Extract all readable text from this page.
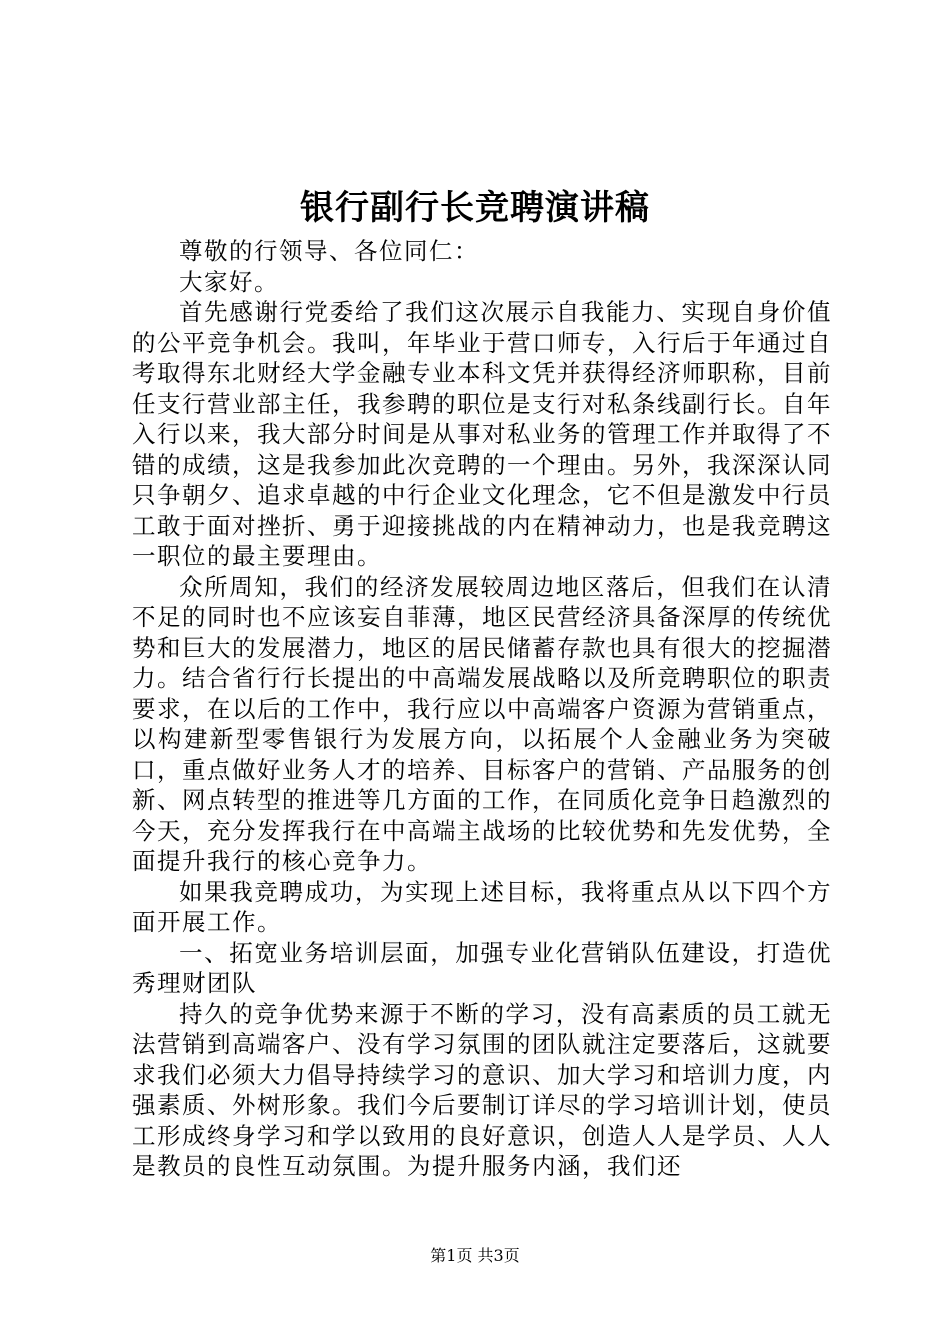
银行副行长竞聘演讲稿

尊敬的行领导、各位同仁：

大家好。

首先感谢行党委给了我们这次展示自我能力、实现自身价值的公平竞争机会。我叫，年毕业于营口师专，入行后于年通过自考取得东北财经大学金融专业本科文凭并获得经济师职称，目前任支行营业部主任，我参聘的职位是支行对私条线副行长。自年入行以来，我大部分时间是从事对私业务的管理工作并取得了不错的成绩，这是我参加此次竞聘的一个理由。另外，我深深认同只争朝夕、追求卓越的中行企业文化理念，它不但是激发中行员工敢于面对挫折、勇于迎接挑战的内在精神动力，也是我竞聘这一职位的最主要理由。

众所周知，我们的经济发展较周边地区落后，但我们在认清不足的同时也不应该妄自菲薄，地区民营经济具备深厚的传统优势和巨大的发展潜力，地区的居民储蓄存款也具有很大的挖掘潜力。结合省行行长提出的中高端发展战略以及所竞聘职位的职责要求，在以后的工作中，我行应以中高端客户资源为营销重点，以构建新型零售银行为发展方向，以拓展个人金融业务为突破口，重点做好业务人才的培养、目标客户的营销、产品服务的创新、网点转型的推进等几方面的工作，在同质化竞争日趋激烈的今天，充分发挥我行在中高端主战场的比较优势和先发优势，全面提升我行的核心竞争力。

如果我竞聘成功，为实现上述目标，我将重点从以下四个方面开展工作。

一、拓宽业务培训层面，加强专业化营销队伍建设，打造优秀理财团队

持久的竞争优势来源于不断的学习，没有高素质的员工就无法营销到高端客户、没有学习氛围的团队就注定要落后，这就要求我们必须大力倡导持续学习的意识、加大学习和培训力度，内强素质、外树形象。我们今后要制订详尽的学习培训计划，使员工形成终身学习和学以致用的良好意识，创造人人是学员、人人是教员的良性互动氛围。为提升服务内涵，我们还

第1页 共3页
